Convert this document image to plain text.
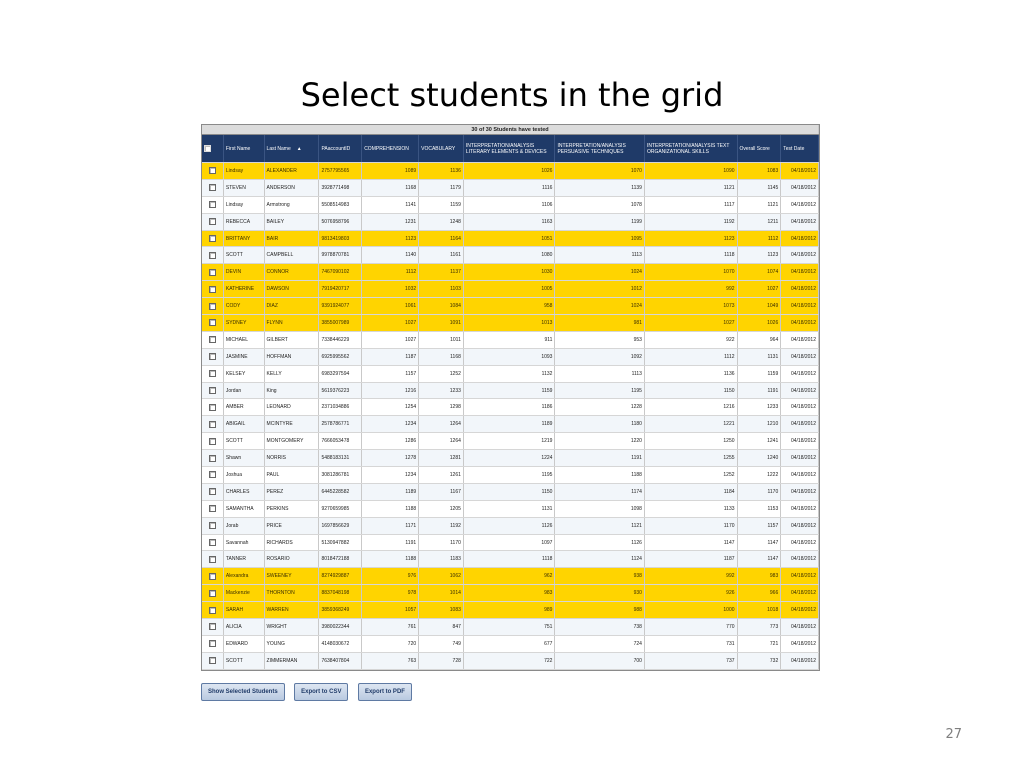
Select students in the grid
30 of 30 Students have tested										
	First Name	Last Name ▲	PAaccountID	COMPREHENSION	VOCABULARY	INTERPRETATION/ANALYSIS LITERARY ELEMENTS & DEVICES	INTERPRETATION/ANALYSIS PERSUASIVE TECHNIQUES	INTERPRETATION/ANALYSIS TEXT ORGANIZATIONAL SKILLS	Overall Score	Test Date
	Lindsay	ALEXANDER	2757795565	1089	1136	1026	1070	1090	1083	04/18/2012
	STEVEN	ANDERSON	3928771498	1168	1179	1116	1139	1121	1145	04/18/2012
	Lindsay	Armstrong	5508514983	1141	1159	1106	1078	1117	1121	04/18/2012
	REBECCA	BAILEY	5076958796	1231	1248	1163	1199	1192	1211	04/18/2012
	BRITTANY	BAIR	9813419803	1123	1164	1051	1095	1123	1112	04/18/2012
	SCOTT	CAMPBELL	9978870781	1140	1161	1080	1113	1118	1123	04/18/2012
	DEVIN	CONNOR	7467090102	1112	1137	1030	1024	1070	1074	04/18/2012
	KATHERINE	DAWSON	7919420717	1032	1103	1005	1012	992	1027	04/18/2012
	CODY	DIAZ	9391924077	1061	1084	958	1024	1073	1049	04/18/2012
	SYDNEY	FLYNN	3855007989	1027	1091	1013	981	1027	1026	04/18/2012
	MICHAEL	GILBERT	7338446229	1027	1011	911	953	922	964	04/18/2012
	JASMINE	HOFFMAN	6925995562	1187	1168	1093	1092	1112	1131	04/18/2012
	KELSEY	KELLY	6983297594	1157	1252	1132	1113	1136	1159	04/18/2012
	Jordan	King	5619376223	1216	1233	1159	1195	1150	1191	04/18/2012
	AMBER	LEONARD	2371034886	1254	1298	1186	1228	1216	1233	04/18/2012
	ABIGAIL	MCINTYRE	2578786771	1234	1264	1189	1180	1221	1210	04/18/2012
	SCOTT	MONTGOMERY	7666053478	1286	1264	1219	1220	1250	1241	04/18/2012
	Shawn	NORRIS	5488183131	1278	1281	1224	1191	1255	1240	04/18/2012
	Joshua	PAUL	3081286781	1234	1261	1195	1188	1252	1222	04/18/2012
	CHARLES	PEREZ	6445228582	1189	1167	1150	1174	1184	1170	04/18/2012
	SAMANTHA	PERKINS	9270659985	1188	1205	1131	1098	1133	1153	04/18/2012
	Jorab	PRICE	1697856629	1171	1192	1126	1121	1170	1157	04/18/2012
	Savannah	RICHARDS	5130947882	1191	1170	1097	1126	1147	1147	04/18/2012
	TANNER	ROSARIO	8018472188	1188	1183	1118	1124	1187	1147	04/18/2012
	Alexandra	SWEENEY	8274929887	976	1062	962	938	992	983	04/18/2012
	Mackenzie	THORNTON	8837048198	978	1014	983	930	926	966	04/18/2012
	SARAH	WARREN	3859368249	1057	1083	989	988	1000	1018	04/18/2012
	ALICIA	WRIGHT	3980022344	761	847	751	738	770	773	04/18/2012
	EDWARD	YOUNG	4148030672	720	749	677	724	731	721	04/18/2012
	SCOTT	ZIMMERMAN	7638407804	763	728	722	700	737	732	04/18/2012
Show Selected Students	Export to CSV	Export to PDF
27
